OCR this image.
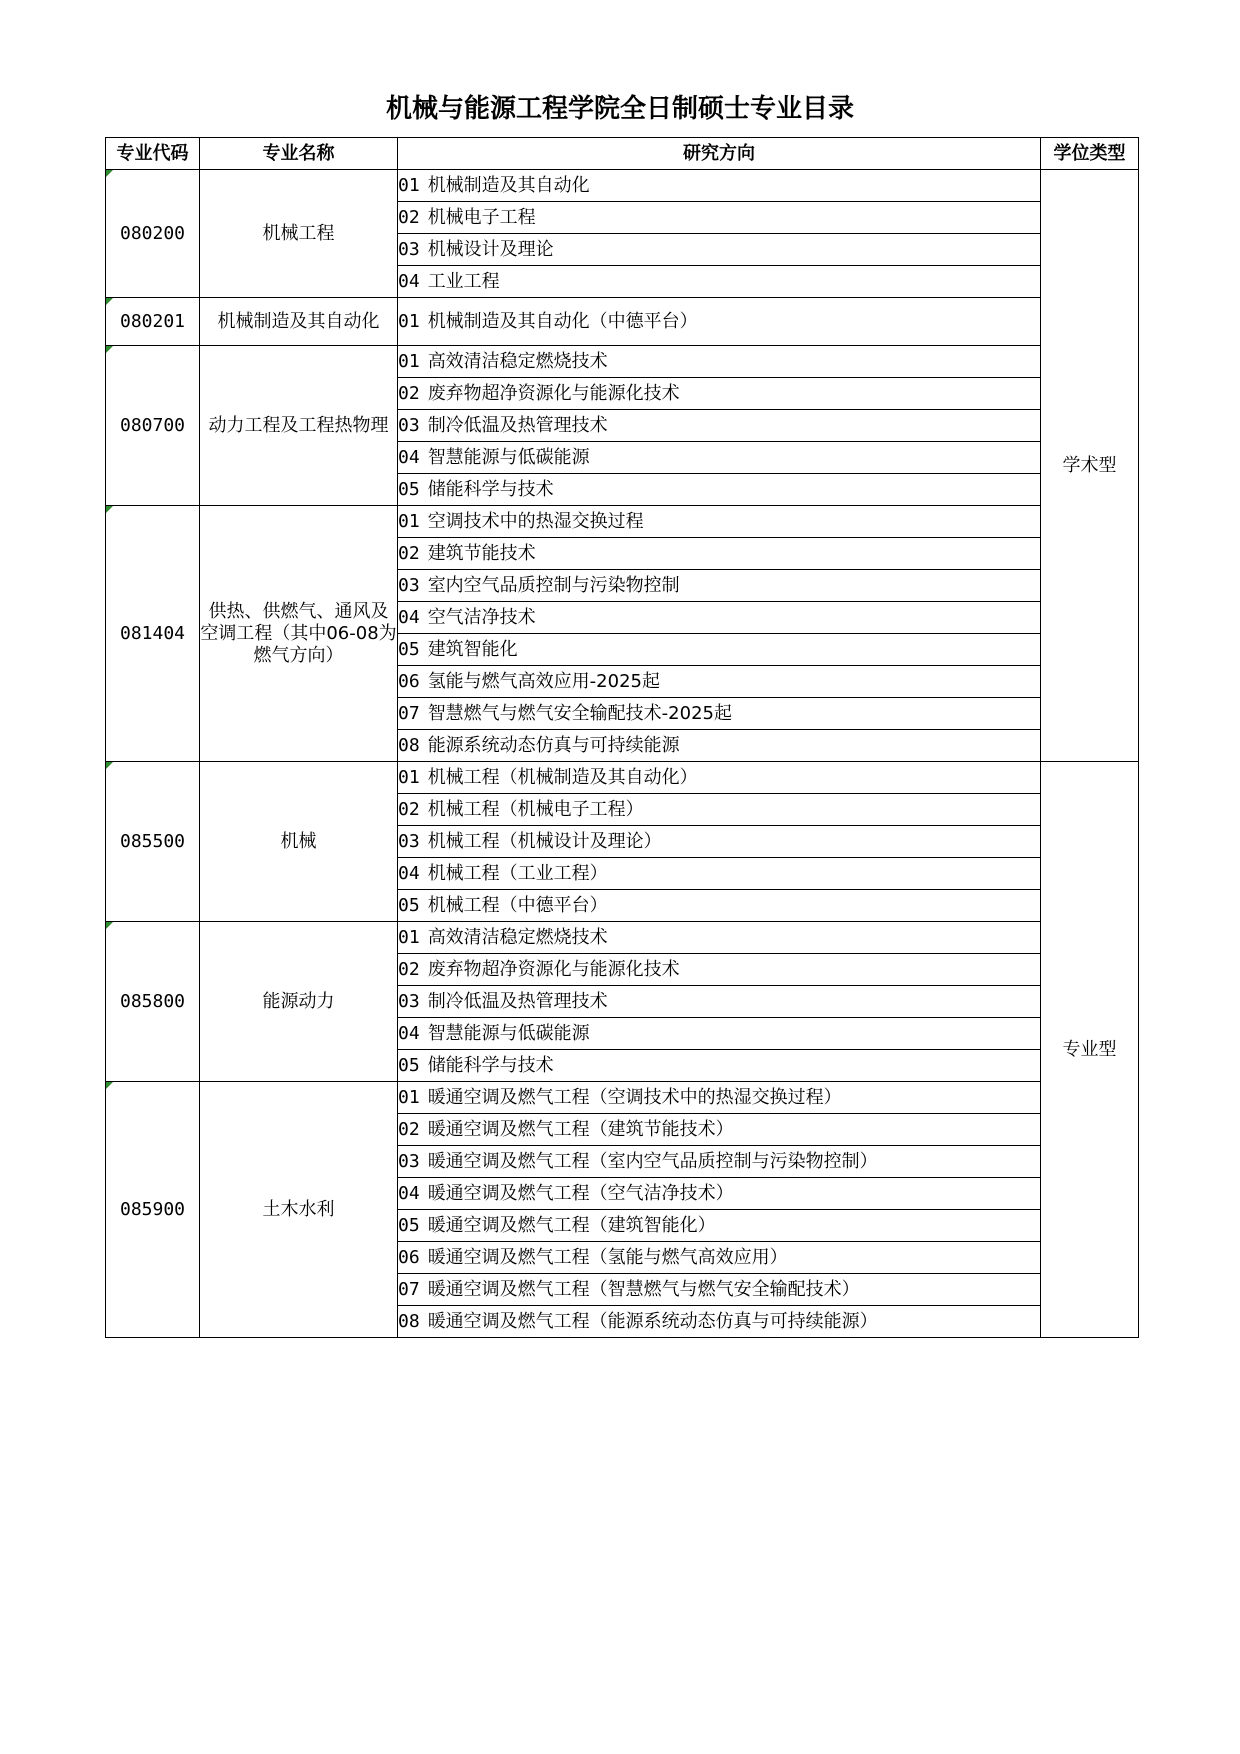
机械与能源工程学院全日制硕士专业目录
专业代码	专业名称	研究方向	学位类型
080200	机械工程	01 机械制造及其自动化	学术型
		02 机械电子工程	
		03 机械设计及理论	
		04 工业工程	
080201	机械制造及其自动化	01 机械制造及其自动化（中德平台）	
080700	动力工程及工程热物理	01 高效清洁稳定燃烧技术	
		02 废弃物超净资源化与能源化技术	
		03 制冷低温及热管理技术	
		04 智慧能源与低碳能源	
		05 储能科学与技术	
081404	供热、供燃气、通风及空调工程（其中06-08为燃气方向）	01 空调技术中的热湿交换过程	
		02 建筑节能技术	
		03 室内空气品质控制与污染物控制	
		04 空气洁净技术	
		05 建筑智能化	
		06 氢能与燃气高效应用-2025起	
		07 智慧燃气与燃气安全输配技术-2025起	
		08 能源系统动态仿真与可持续能源	
085500	机械	01 机械工程（机械制造及其自动化）	专业型
		02 机械工程（机械电子工程）	
		03 机械工程（机械设计及理论）	
		04 机械工程（工业工程）	
		05 机械工程（中德平台）	
085800	能源动力	01 高效清洁稳定燃烧技术	
		02 废弃物超净资源化与能源化技术	
		03 制冷低温及热管理技术	
		04 智慧能源与低碳能源	
		05 储能科学与技术	
085900	土木水利	01 暖通空调及燃气工程（空调技术中的热湿交换过程）	
		02 暖通空调及燃气工程（建筑节能技术）	
		03 暖通空调及燃气工程（室内空气品质控制与污染物控制）	
		04 暖通空调及燃气工程（空气洁净技术）	
		05 暖通空调及燃气工程（建筑智能化）	
		06 暖通空调及燃气工程（氢能与燃气高效应用）	
		07 暖通空调及燃气工程（智慧燃气与燃气安全输配技术）	
		08 暖通空调及燃气工程（能源系统动态仿真与可持续能源）	
